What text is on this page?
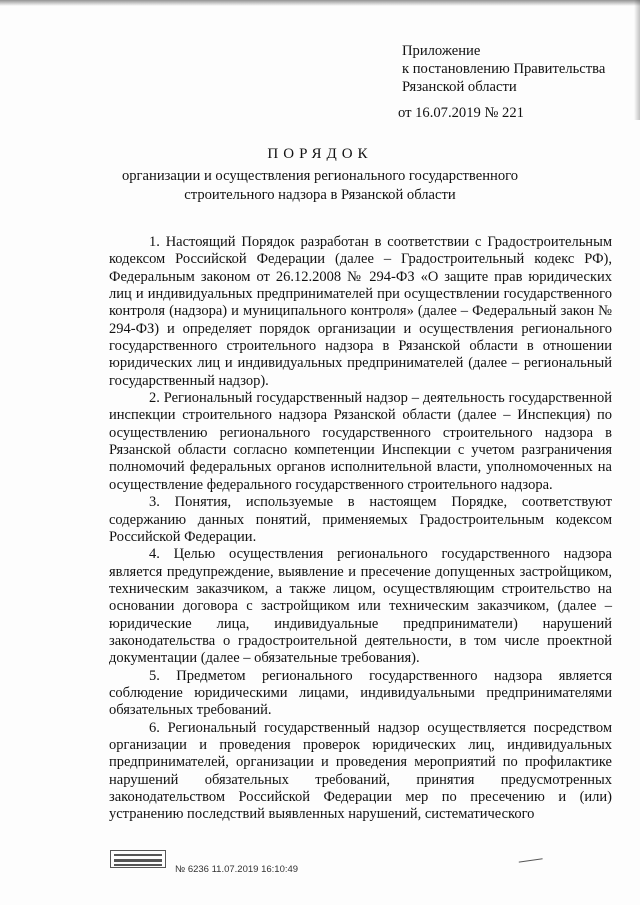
Приложение
к постановлению Правительства
Рязанской области
от 16.07.2019 № 221
ПОРЯДОК
организации и осуществления регионального государственного
строительного надзора в Рязанской области

1. Настоящий Порядок разработан в соответствии с Градостроительным кодексом Российской Федерации (далее – Градостроительный кодекс РФ), Федеральным законом от 26.12.2008 № 294-ФЗ «О защите прав юридических лиц и индивидуальных предпринимателей при осуществлении государственного контроля (надзора) и муниципального контроля» (далее – Федеральный закон № 294-ФЗ) и определяет порядок организации и осуществления регионального государственного строительного надзора в Рязанской области в отношении юридических лиц и индивидуальных предпринимателей (далее – региональный государственный надзор).

2. Региональный государственный надзор – деятельность государственной инспекции строительного надзора Рязанской области (далее – Инспекция) по осуществлению регионального государственного строительного надзора в Рязанской области согласно компетенции Инспекции с учетом разграничения полномочий федеральных органов исполнительной власти, уполномоченных на осуществление федерального государственного строительного надзора.

3. Понятия, используемые в настоящем Порядке, соответствуют содержанию данных понятий, применяемых Градостроительным кодексом Российской Федерации.

4. Целью осуществления регионального государственного надзора является предупреждение, выявление и пресечение допущенных застройщиком, техническим заказчиком, а также лицом, осуществляющим строительство на основании договора с застройщиком или техническим заказчиком, (далее – юридические лица, индивидуальные предприниматели) нарушений законодательства о градостроительной деятельности, в том числе проектной документации (далее – обязательные требования).

5. Предметом регионального государственного надзора является соблюдение юридическими лицами, индивидуальными предпринимателями обязательных требований.

6. Региональный государственный надзор осуществляется посредством организации и проведения проверок юридических лиц, индивидуальных предпринимателей, организации и проведения мероприятий по профилактике нарушений обязательных требований, принятия предусмотренных законодательством Российской Федерации мер по пресечению и (или) устранению последствий выявленных нарушений, систематического

№ 6236 11.07.2019 16:10:49
